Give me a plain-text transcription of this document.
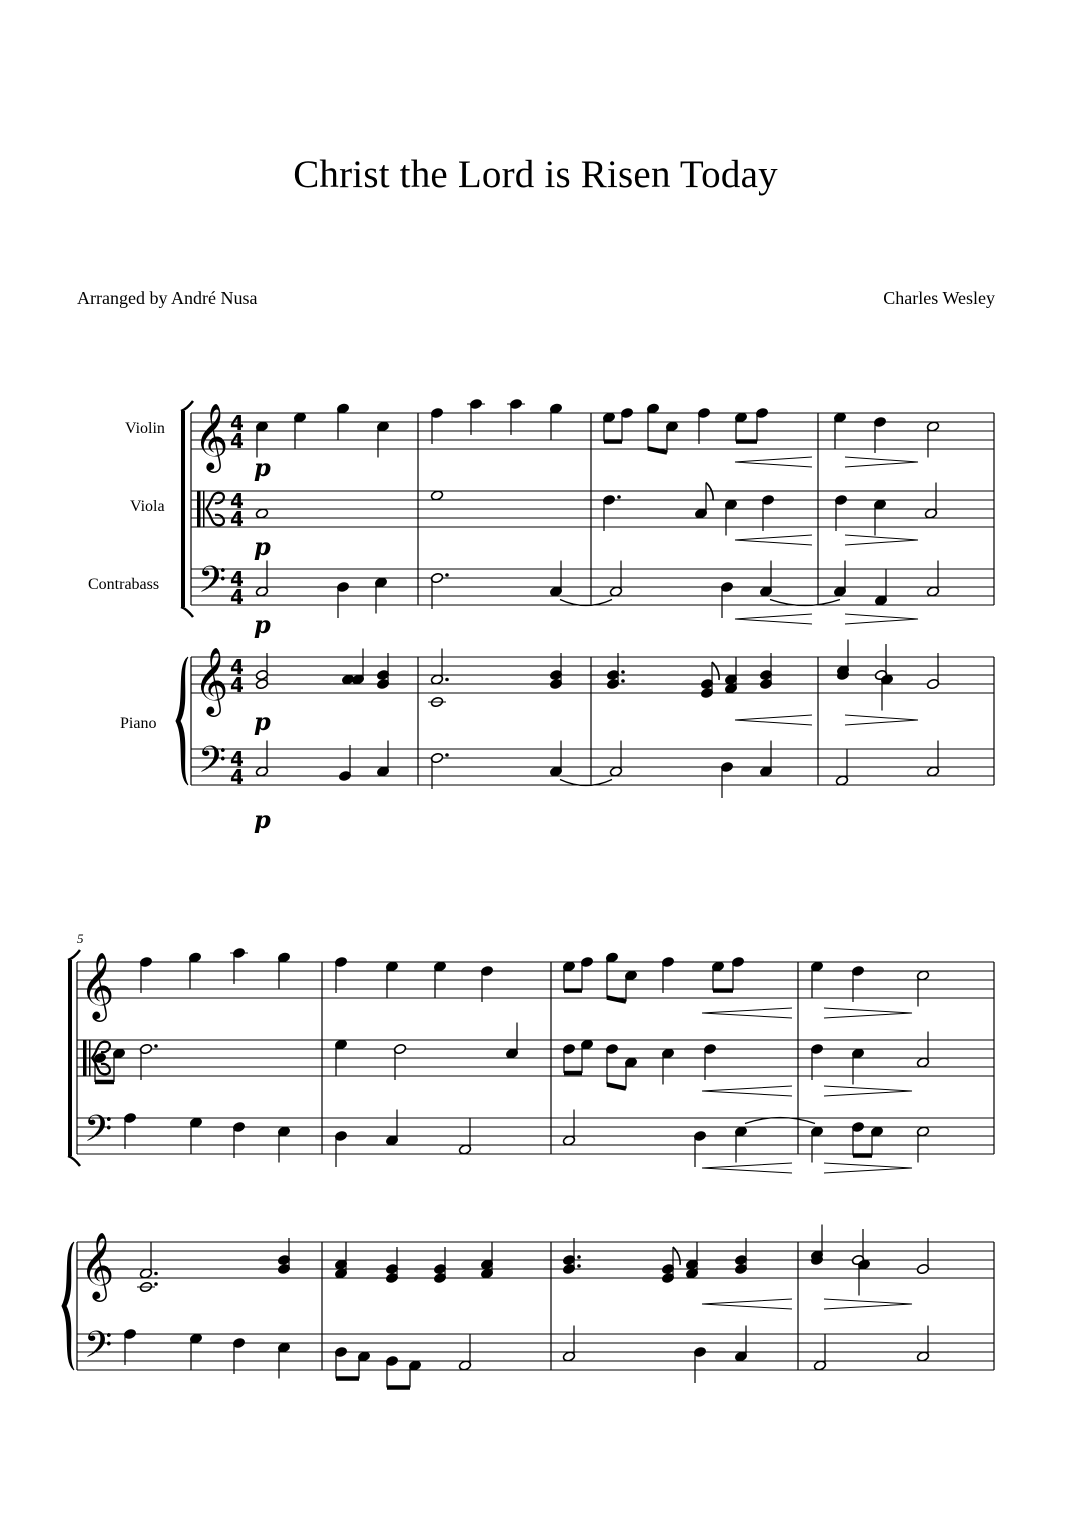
Christ the Lord is Risen Today
Arranged by André Nusa	Charles Wesley
Violin
Viola
Contrabass
Piano
𝄞
𝄢
𝄞
𝄢
4
4
4
4
4
4
4
4
4
4
p
p
p
p
p
5
𝄞
𝄢
𝄞
𝄢
